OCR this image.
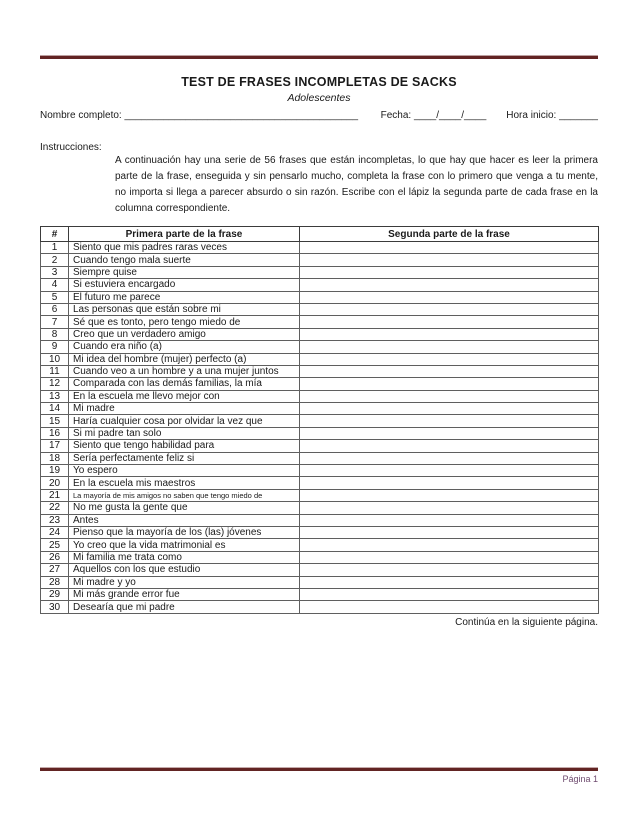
TEST DE FRASES INCOMPLETAS DE SACKS
Adolescentes
Nombre completo: __________________________________________ Fecha: ____/____/____ Hora inicio: _______
Instrucciones:
A continuación hay una serie de 56 frases que están incompletas, lo que hay que hacer es leer la primera parte de la frase, enseguida y sin pensarlo mucho, completa la frase con lo primero que venga a tu mente, no importa si llega a parecer absurdo o sin razón. Escribe con el lápiz la segunda parte de cada frase en la columna correspondiente.
#	Primera parte de la frase	Segunda parte de la frase
1	Siento que mis padres raras veces	
2	Cuando tengo mala suerte	
3	Siempre quise	
4	Si estuviera encargado	
5	El futuro me parece	
6	Las personas que están sobre mi	
7	Sé que es tonto, pero tengo miedo de	
8	Creo que un verdadero amigo	
9	Cuando era niño (a)	
10	Mi idea del hombre (mujer) perfecto (a)	
11	Cuando veo a un hombre y a una mujer juntos	
12	Comparada con las demás familias, la mía	
13	En la escuela me llevo mejor con	
14	Mi madre	
15	Haría cualquier cosa por olvidar la vez que	
16	Si mi padre tan solo	
17	Siento que tengo habilidad para	
18	Sería perfectamente feliz si	
19	Yo espero	
20	En la escuela mis maestros	
21	La mayoría de mis amigos no saben que tengo miedo de	
22	No me gusta la gente que	
23	Antes	
24	Pienso que la mayoría de los (las) jóvenes	
25	Yo creo que la vida matrimonial es	
26	Mi familia me trata como	
27	Aquellos con los que estudio	
28	Mi madre y yo	
29	Mi más grande error fue	
30	Desearía que mi padre	
Continúa en la siguiente página.
Página 1
